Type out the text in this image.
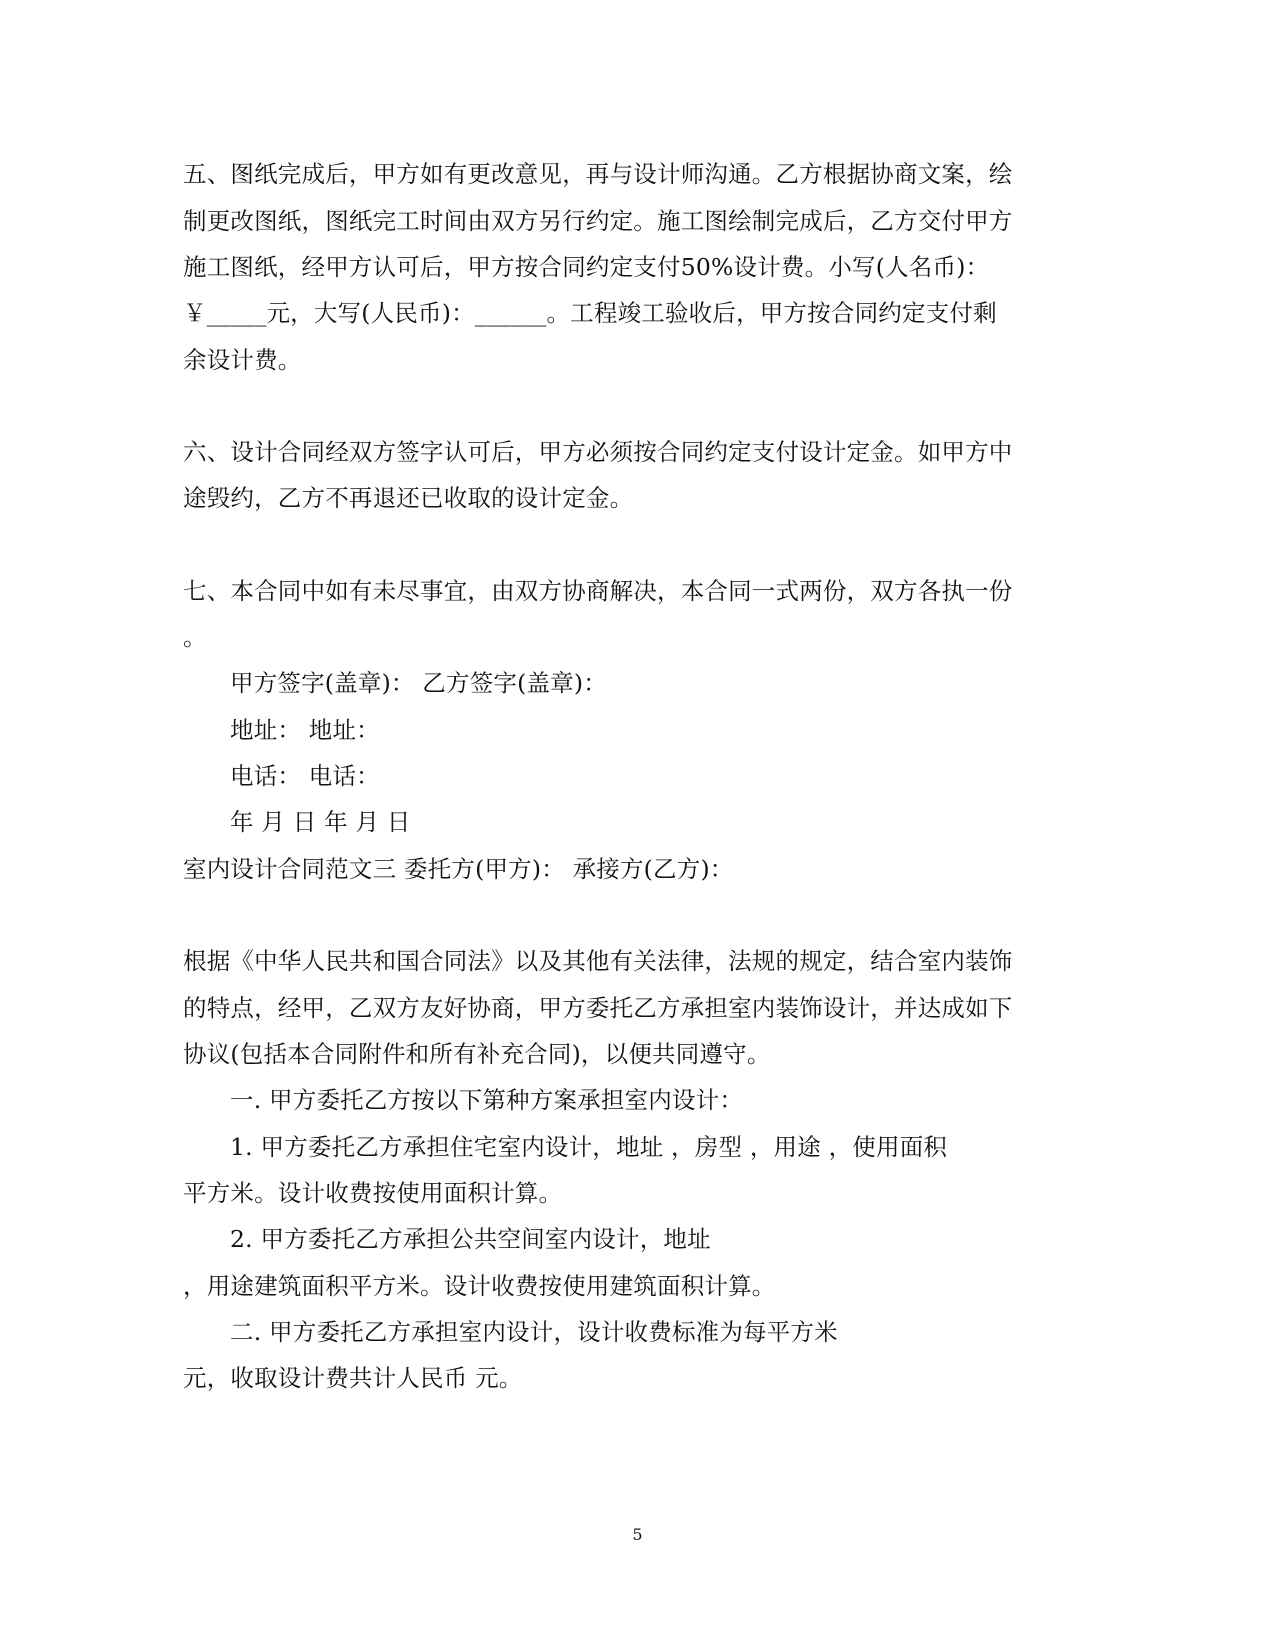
五、图纸完成后，甲方如有更改意见，再与设计师沟通。乙方根据协商文案，绘
制更改图纸，图纸完工时间由双方另行约定。施工图绘制完成后，乙方交付甲方
施工图纸，经甲方认可后，甲方按合同约定支付50%设计费。小写(人名币)：
￥_____元，大写(人民币)：______。工程竣工验收后，甲方按合同约定支付剩
余设计费。
六、设计合同经双方签字认可后，甲方必须按合同约定支付设计定金。如甲方中
途毁约，乙方不再退还已收取的设计定金。
七、本合同中如有未尽事宜，由双方协商解决，本合同一式两份，双方各执一份
。
甲方签字(盖章)： 乙方签字(盖章)：
地址： 地址：
电话： 电话：
年 月 日 年 月 日
室内设计合同范文三 委托方(甲方)： 承接方(乙方)：
根据《中华人民共和国合同法》以及其他有关法律，法规的规定，结合室内装饰
的特点，经甲，乙双方友好协商，甲方委托乙方承担室内装饰设计，并达成如下
协议(包括本合同附件和所有补充合同)，以便共同遵守。
一. 甲方委托乙方按以下第种方案承担室内设计：
1. 甲方委托乙方承担住宅室内设计，地址 ，房型 ，用途 ，使用面积
平方米。设计收费按使用面积计算。
2. 甲方委托乙方承担公共空间室内设计，地址
，用途建筑面积平方米。设计收费按使用建筑面积计算。
二. 甲方委托乙方承担室内设计，设计收费标准为每平方米
元，收取设计费共计人民币 元。
5
